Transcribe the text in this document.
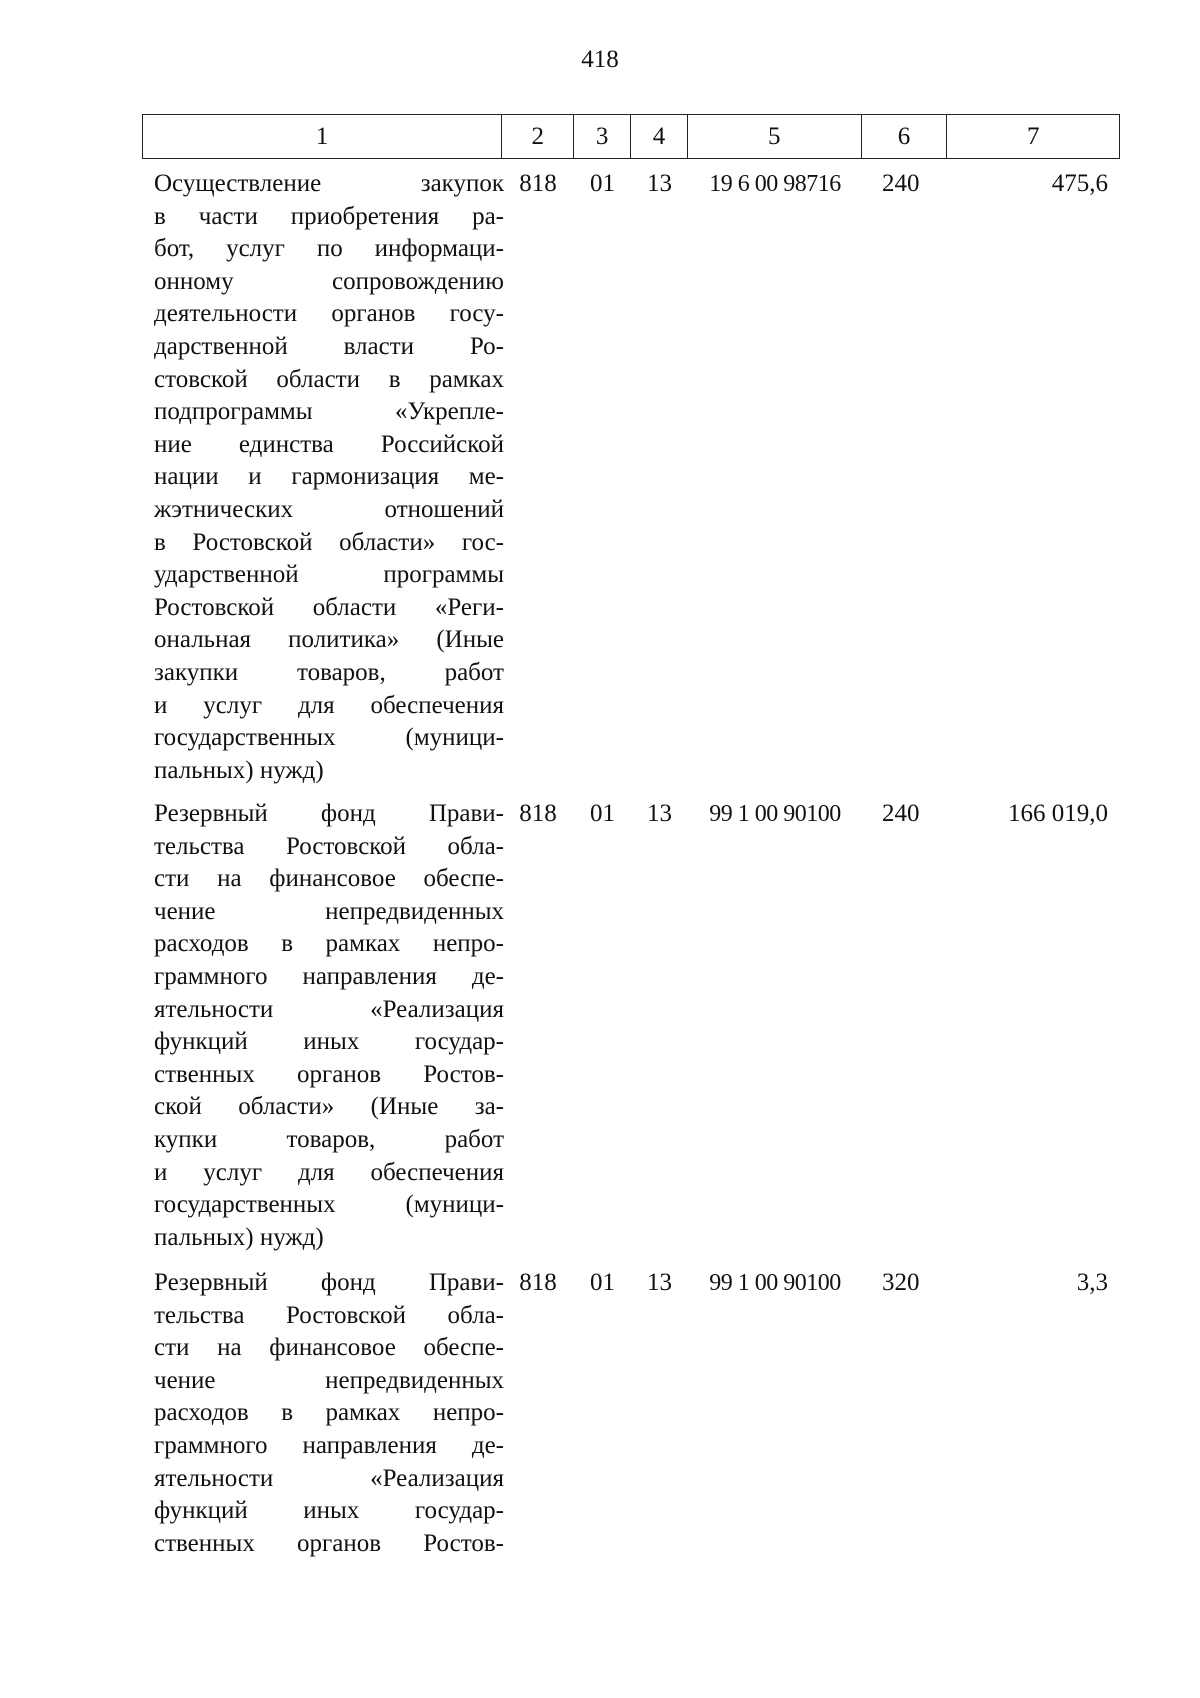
418
1	2	3	4	5	6	7
Осуществление закупок
в части приобретения ра-
бот, услуг по информаци-
онному сопровождению
деятельности органов госу-
дарственной власти Ро-
стовской области в рамках
подпрограммы «Укрепле-
ние единства Российской
нации и гармонизация ме-
жэтнических отношений
в Ростовской области» гос-
ударственной программы
Ростовской области «Реги-
ональная политика» (Иные
закупки товаров, работ
и услуг для обеспечения
государственных (муници-
пальных) нужд)
818	01	13	19 6 00 98716	240	475,6
Резервный фонд Прави-
тельства Ростовской обла-
сти на финансовое обеспе-
чение непредвиденных
расходов в рамках непро-
граммного направления де-
ятельности «Реализация
функций иных государ-
ственных органов Ростов-
ской области» (Иные за-
купки товаров, работ
и услуг для обеспечения
государственных (муници-
пальных) нужд)
818	01	13	99 1 00 90100	240	166 019,0
Резервный фонд Прави-
тельства Ростовской обла-
сти на финансовое обеспе-
чение непредвиденных
расходов в рамках непро-
граммного направления де-
ятельности «Реализация
функций иных государ-
ственных органов Ростов-
818	01	13	99 1 00 90100	320	3,3
